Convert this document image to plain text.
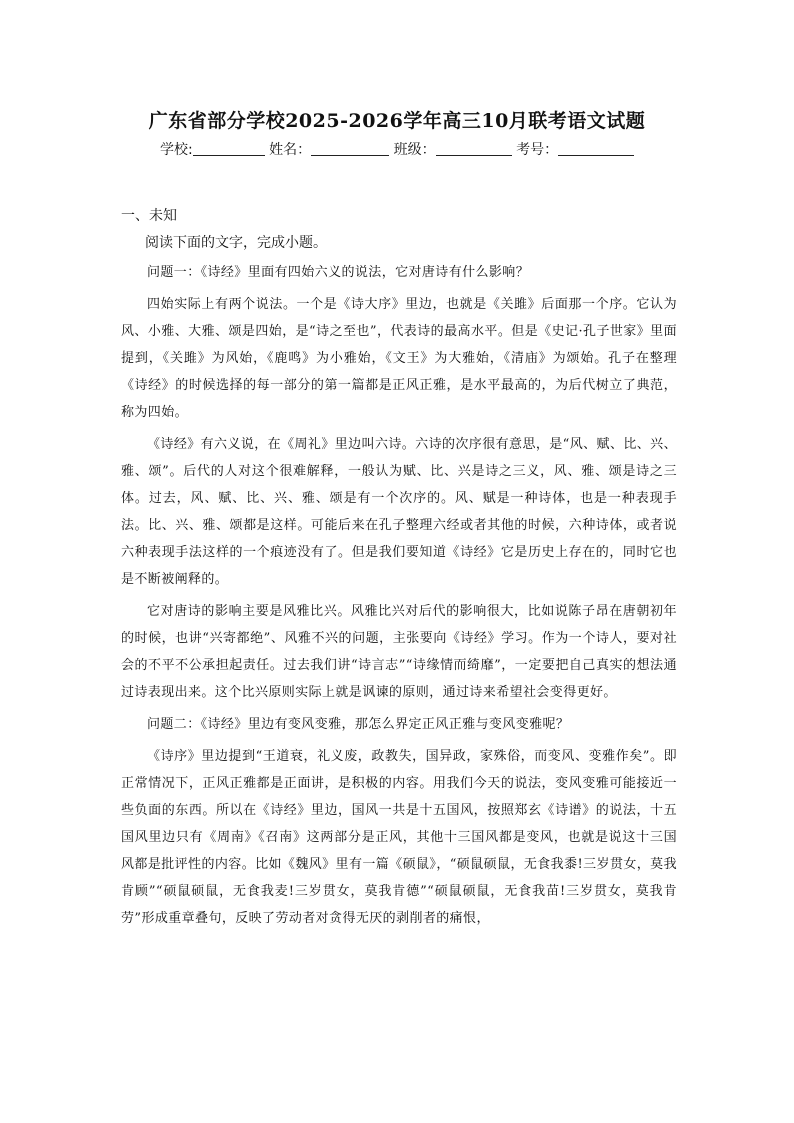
广东省部分学校2025-2026学年高三10月联考语文试题
学校:	姓名：	班级：	考号：
一、未知
阅读下面的文字，完成小题。

问题一：《诗经》里面有四始六义的说法，它对唐诗有什么影响？

四始实际上有两个说法。一个是《诗大序》里边，也就是《关雎》后面那一个序。它认为风、小雅、大雅、颂是四始，是“诗之至也”，代表诗的最高水平。但是《史记·孔子世家》里面提到，《关雎》为风始，《鹿鸣》为小雅始，《文王》为大雅始，《清庙》为颂始。孔子在整理《诗经》的时候选择的每一部分的第一篇都是正风正雅，是水平最高的，为后代树立了典范，称为四始。

《诗经》有六义说，在《周礼》里边叫六诗。六诗的次序很有意思，是“风、赋、比、兴、雅、颂”。后代的人对这个很难解释，一般认为赋、比、兴是诗之三义，风、雅、颂是诗之三体。过去，风、赋、比、兴、雅、颂是有一个次序的。风、赋是一种诗体，也是一种表现手法。比、兴、雅、颂都是这样。可能后来在孔子整理六经或者其他的时候，六种诗体，或者说六种表现手法这样的一个痕迹没有了。但是我们要知道《诗经》它是历史上存在的，同时它也是不断被阐释的。

它对唐诗的影响主要是风雅比兴。风雅比兴对后代的影响很大，比如说陈子昂在唐朝初年的时候，也讲“兴寄都绝”、风雅不兴的问题，主张要向《诗经》学习。作为一个诗人，要对社会的不平不公承担起责任。过去我们讲“诗言志”“诗缘情而绮靡”，一定要把自己真实的想法通过诗表现出来。这个比兴原则实际上就是讽谏的原则，通过诗来希望社会变得更好。

问题二：《诗经》里边有变风变雅，那怎么界定正风正雅与变风变雅呢？

《诗序》里边提到“王道衰，礼义废，政教失，国异政，家殊俗，而变风、变雅作矣”。即正常情况下，正风正雅都是正面讲，是积极的内容。用我们今天的说法，变风变雅可能接近一些负面的东西。所以在《诗经》里边，国风一共是十五国风，按照郑玄《诗谱》的说法，十五国风里边只有《周南》《召南》这两部分是正风，其他十三国风都是变风，也就是说这十三国风都是批评性的内容。比如《魏风》里有一篇《硕鼠》，“硕鼠硕鼠，无食我黍!三岁贯女，莫我肯顾”“硕鼠硕鼠，无食我麦!三岁贯女，莫我肯德”“硕鼠硕鼠，无食我苗!三岁贯女，莫我肯劳”形成重章叠句，反映了劳动者对贪得无厌的剥削者的痛恨，
